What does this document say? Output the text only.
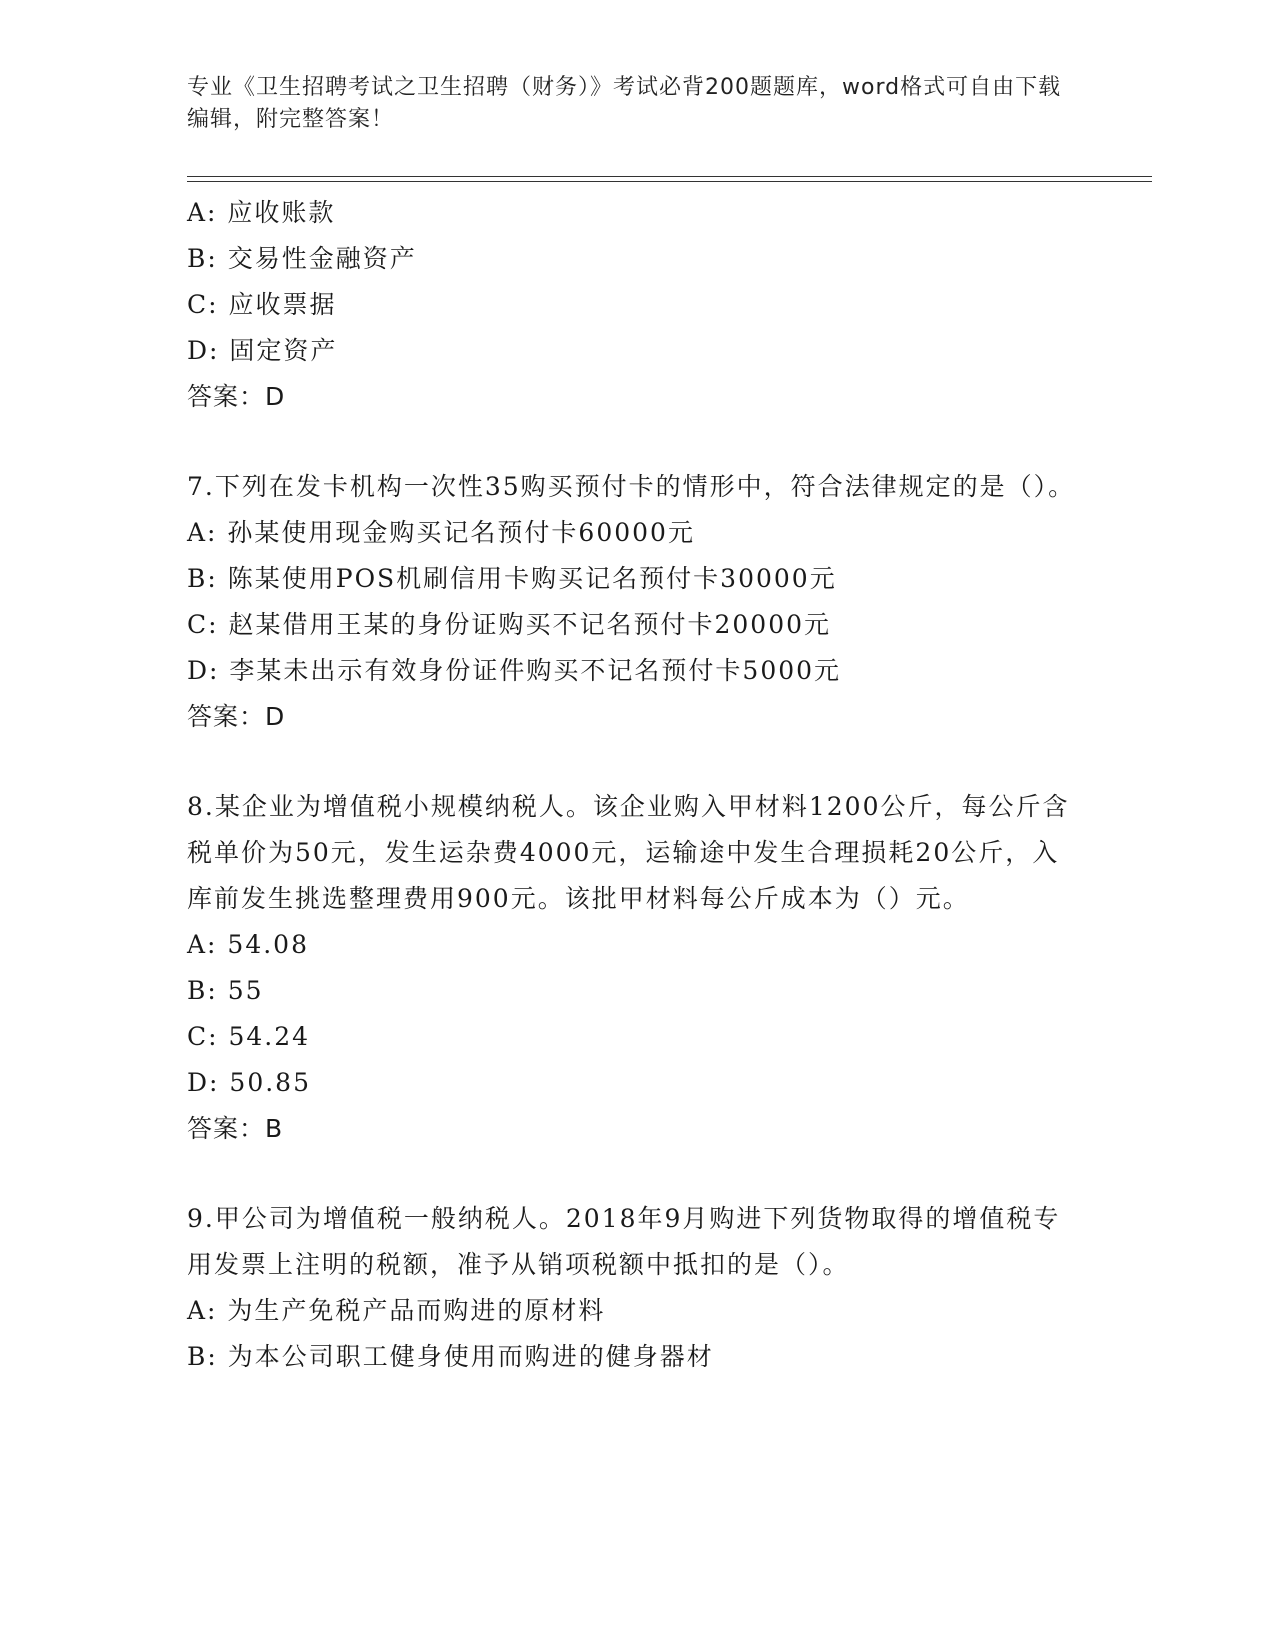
专业《卫生招聘考试之卫生招聘（财务）》考试必背200题题库，word格式可自由下载编辑，附完整答案！
A: 应收账款
B: 交易性金融资产
C: 应收票据
D: 固定资产
答案：D
7.下列在发卡机构一次性35购买预付卡的情形中，符合法律规定的是（）。
A: 孙某使用现金购买记名预付卡60000元
B: 陈某使用POS机刷信用卡购买记名预付卡30000元
C: 赵某借用王某的身份证购买不记名预付卡20000元
D: 李某未出示有效身份证件购买不记名预付卡5000元
答案：D
8.某企业为增值税小规模纳税人。该企业购入甲材料1200公斤，每公斤含税单价为50元，发生运杂费4000元，运输途中发生合理损耗20公斤，入库前发生挑选整理费用900元。该批甲材料每公斤成本为（）元。
A: 54.08
B: 55
C: 54.24
D: 50.85
答案：B
9.甲公司为增值税一般纳税人。2018年9月购进下列货物取得的增值税专用发票上注明的税额，准予从销项税额中抵扣的是（）。
A: 为生产免税产品而购进的原材料
B: 为本公司职工健身使用而购进的健身器材
